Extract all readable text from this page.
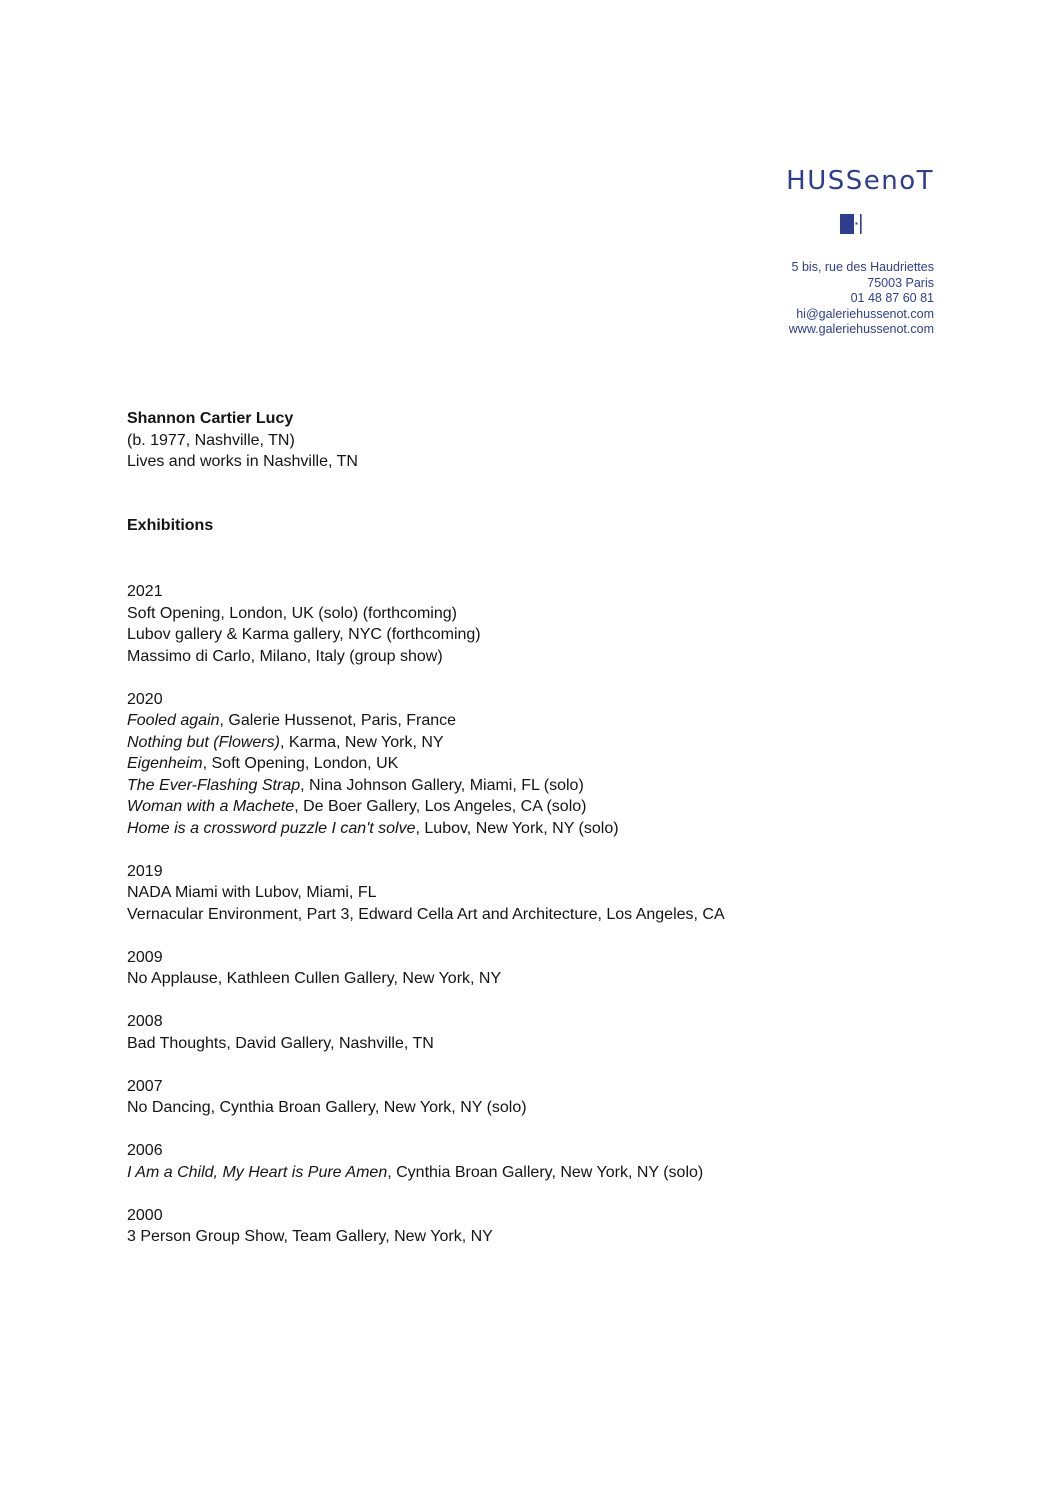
HUSSenoT
5 bis, rue des Haudriettes
75003 Paris
01 48 87 60 81
hi@galeriehussenot.com
www.galeriehussenot.com

Shannon Cartier Lucy

(b. 1977, Nashville, TN)

Lives and works in Nashville, TN

Exhibitions

2021

Soft Opening, London, UK (solo) (forthcoming)

Lubov gallery & Karma gallery, NYC (forthcoming)

Massimo di Carlo, Milano, Italy (group show)

2020

Fooled again, Galerie Hussenot, Paris, France

Nothing but (Flowers), Karma, New York, NY

Eigenheim, Soft Opening, London, UK

The Ever-Flashing Strap, Nina Johnson Gallery, Miami, FL (solo)

Woman with a Machete, De Boer Gallery, Los Angeles, CA (solo)

Home is a crossword puzzle I can't solve, Lubov, New York, NY (solo)

2019

NADA Miami with Lubov, Miami, FL

Vernacular Environment, Part 3, Edward Cella Art and Architecture, Los Angeles, CA

2009

No Applause, Kathleen Cullen Gallery, New York, NY

2008

Bad Thoughts, David Gallery, Nashville, TN

2007

No Dancing, Cynthia Broan Gallery, New York, NY (solo)

2006

I Am a Child, My Heart is Pure Amen, Cynthia Broan Gallery, New York, NY (solo)

2000

3 Person Group Show, Team Gallery, New York, NY
